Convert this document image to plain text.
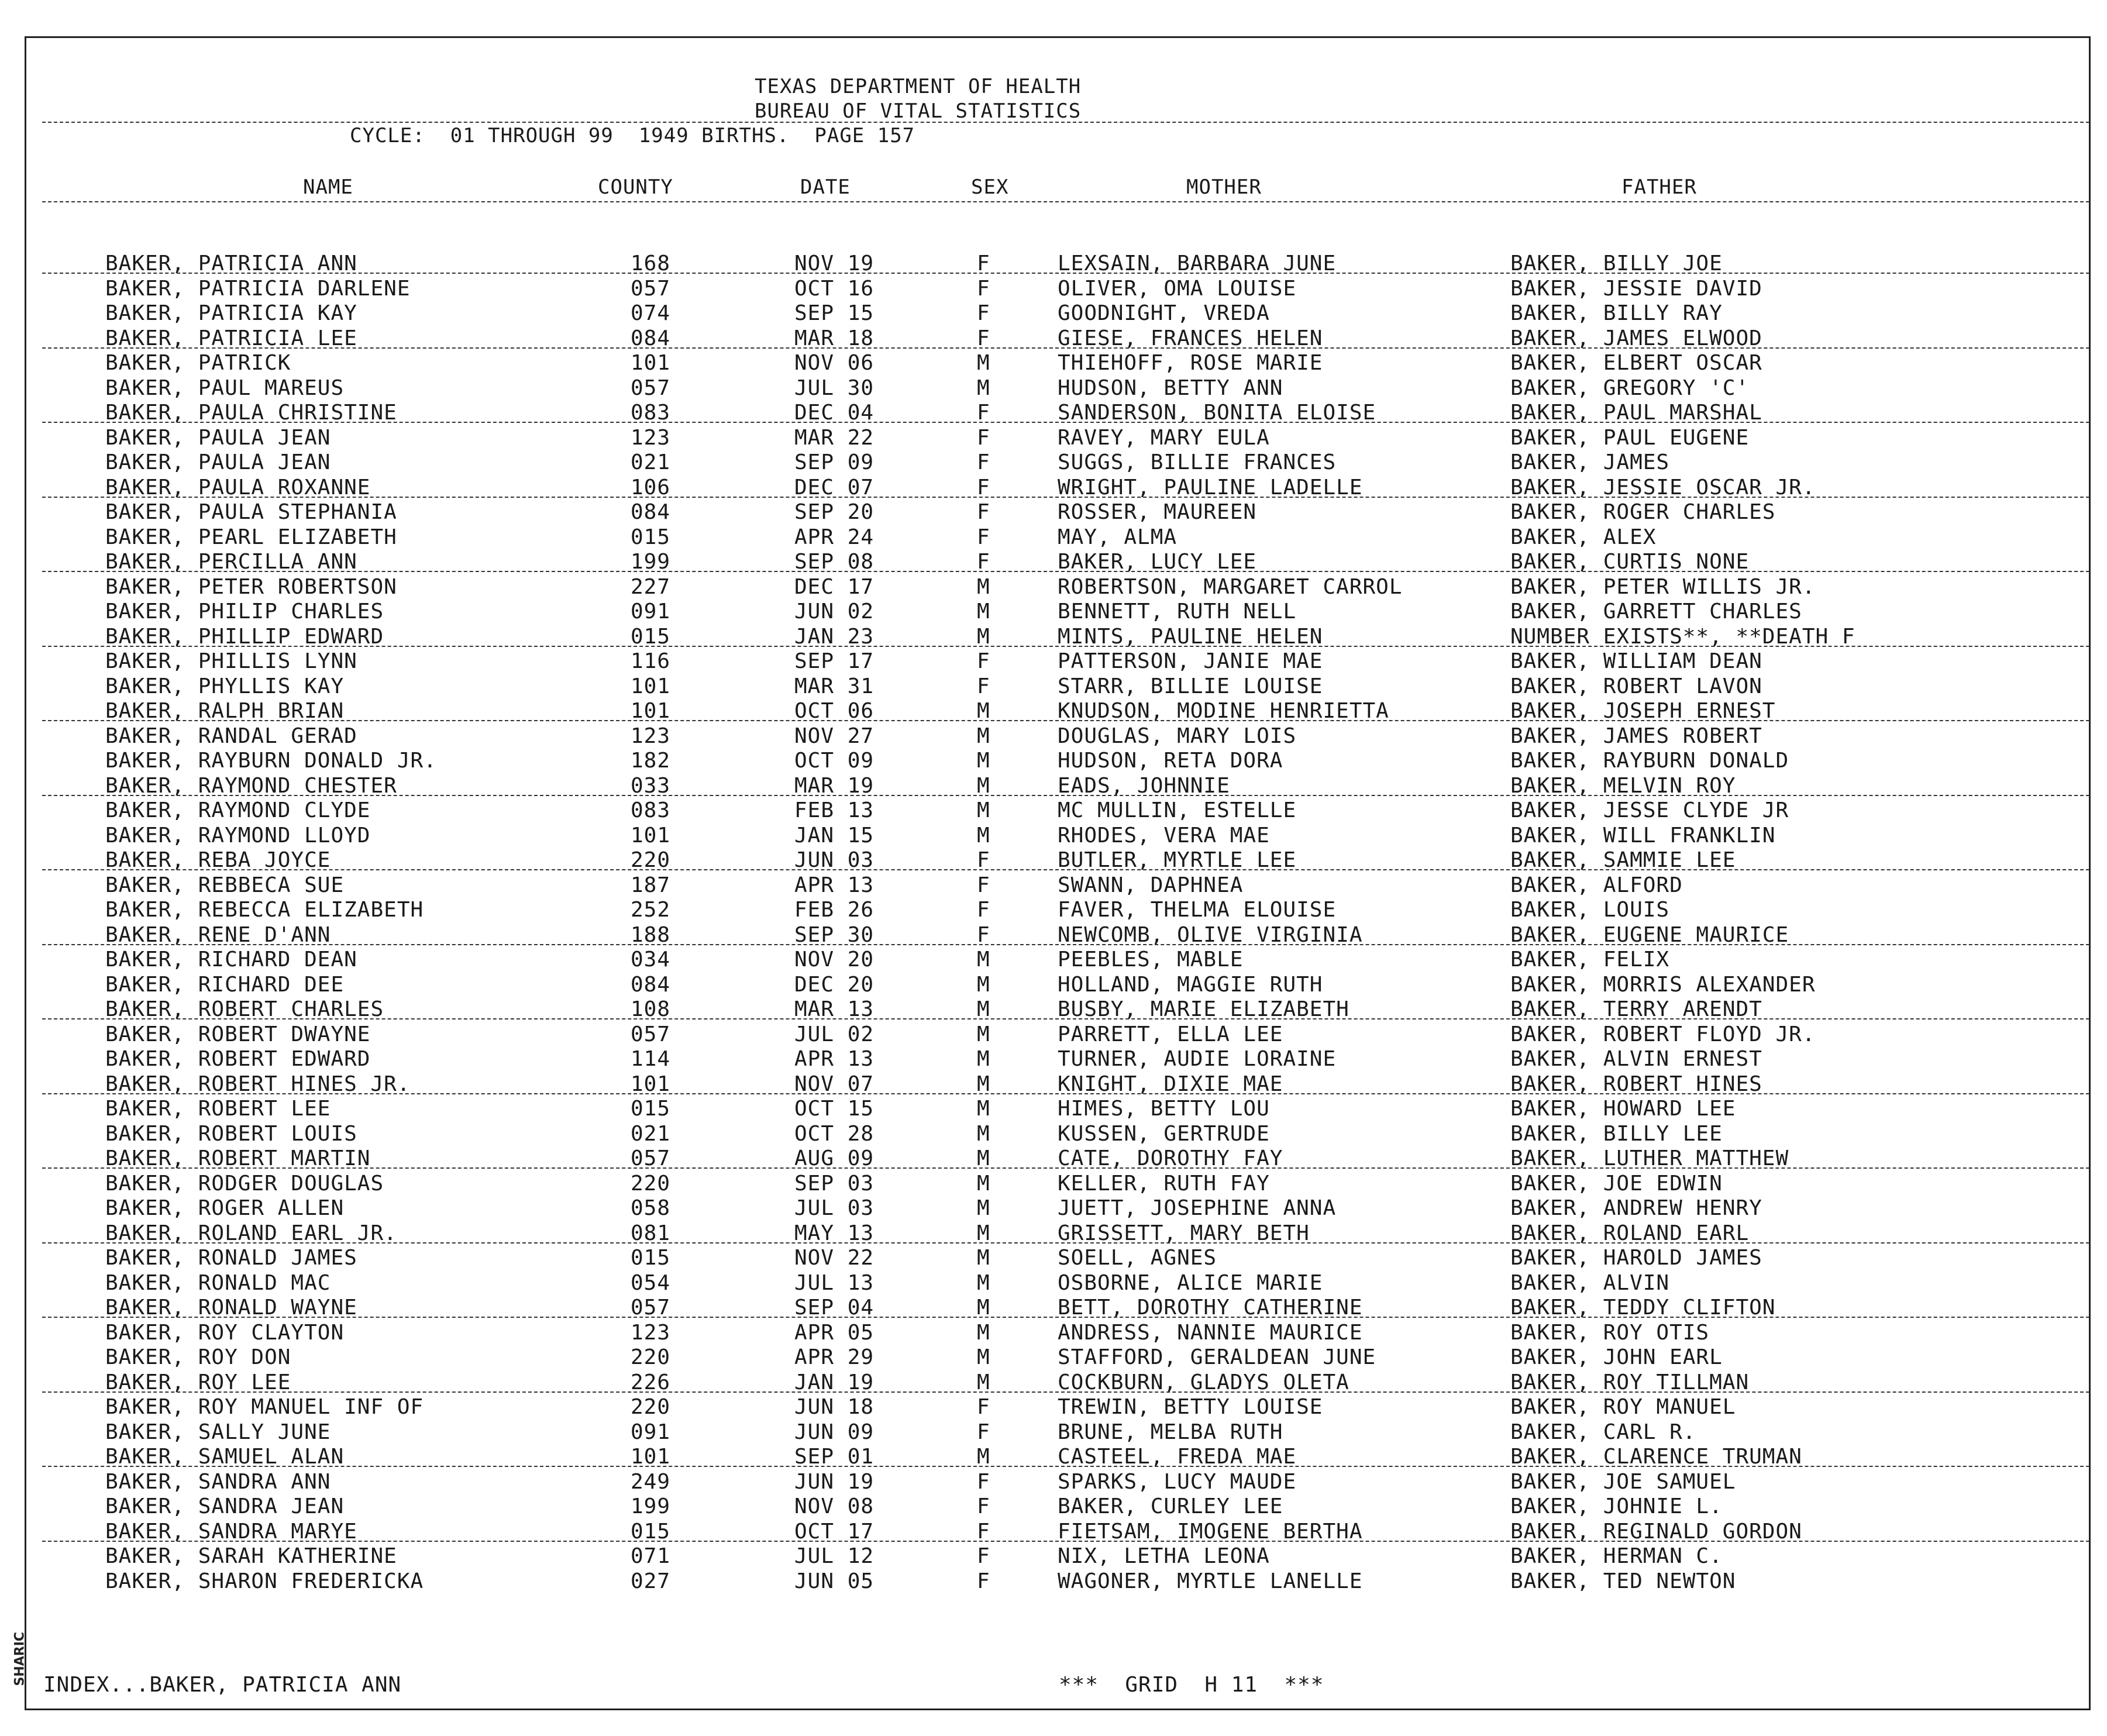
SHARIC
TEXAS DEPARTMENT OF HEALTH
BUREAU OF VITAL STATISTICS
CYCLE:  01 THROUGH 99  1949 BIRTHS.  PAGE 157
NAME	COUNTY	DATE	SEX	MOTHER	FATHER
BAKER, PATRICIA ANN	168	NOV 19	F	LEXSAIN, BARBARA JUNE	BAKER, BILLY JOE
BAKER, PATRICIA DARLENE	057	OCT 16	F	OLIVER, OMA LOUISE	BAKER, JESSIE DAVID
BAKER, PATRICIA KAY	074	SEP 15	F	GOODNIGHT, VREDA	BAKER, BILLY RAY
BAKER, PATRICIA LEE	084	MAR 18	F	GIESE, FRANCES HELEN	BAKER, JAMES ELWOOD
BAKER, PATRICK	101	NOV 06	M	THIEHOFF, ROSE MARIE	BAKER, ELBERT OSCAR
BAKER, PAUL MAREUS	057	JUL 30	M	HUDSON, BETTY ANN	BAKER, GREGORY 'C'
BAKER, PAULA CHRISTINE	083	DEC 04	F	SANDERSON, BONITA ELOISE	BAKER, PAUL MARSHAL
BAKER, PAULA JEAN	123	MAR 22	F	RAVEY, MARY EULA	BAKER, PAUL EUGENE
BAKER, PAULA JEAN	021	SEP 09	F	SUGGS, BILLIE FRANCES	BAKER, JAMES
BAKER, PAULA ROXANNE	106	DEC 07	F	WRIGHT, PAULINE LADELLE	BAKER, JESSIE OSCAR JR.
BAKER, PAULA STEPHANIA	084	SEP 20	F	ROSSER, MAUREEN	BAKER, ROGER CHARLES
BAKER, PEARL ELIZABETH	015	APR 24	F	MAY, ALMA	BAKER, ALEX
BAKER, PERCILLA ANN	199	SEP 08	F	BAKER, LUCY LEE	BAKER, CURTIS NONE
BAKER, PETER ROBERTSON	227	DEC 17	M	ROBERTSON, MARGARET CARROL	BAKER, PETER WILLIS JR.
BAKER, PHILIP CHARLES	091	JUN 02	M	BENNETT, RUTH NELL	BAKER, GARRETT CHARLES
BAKER, PHILLIP EDWARD	015	JAN 23	M	MINTS, PAULINE HELEN	NUMBER EXISTS**, **DEATH F
BAKER, PHILLIS LYNN	116	SEP 17	F	PATTERSON, JANIE MAE	BAKER, WILLIAM DEAN
BAKER, PHYLLIS KAY	101	MAR 31	F	STARR, BILLIE LOUISE	BAKER, ROBERT LAVON
BAKER, RALPH BRIAN	101	OCT 06	M	KNUDSON, MODINE HENRIETTA	BAKER, JOSEPH ERNEST
BAKER, RANDAL GERAD	123	NOV 27	M	DOUGLAS, MARY LOIS	BAKER, JAMES ROBERT
BAKER, RAYBURN DONALD JR.	182	OCT 09	M	HUDSON, RETA DORA	BAKER, RAYBURN DONALD
BAKER, RAYMOND CHESTER	033	MAR 19	M	EADS, JOHNNIE	BAKER, MELVIN ROY
BAKER, RAYMOND CLYDE	083	FEB 13	M	MC MULLIN, ESTELLE	BAKER, JESSE CLYDE JR
BAKER, RAYMOND LLOYD	101	JAN 15	M	RHODES, VERA MAE	BAKER, WILL FRANKLIN
BAKER, REBA JOYCE	220	JUN 03	F	BUTLER, MYRTLE LEE	BAKER, SAMMIE LEE
BAKER, REBBECA SUE	187	APR 13	F	SWANN, DAPHNEA	BAKER, ALFORD
BAKER, REBECCA ELIZABETH	252	FEB 26	F	FAVER, THELMA ELOUISE	BAKER, LOUIS
BAKER, RENE D'ANN	188	SEP 30	F	NEWCOMB, OLIVE VIRGINIA	BAKER, EUGENE MAURICE
BAKER, RICHARD DEAN	034	NOV 20	M	PEEBLES, MABLE	BAKER, FELIX
BAKER, RICHARD DEE	084	DEC 20	M	HOLLAND, MAGGIE RUTH	BAKER, MORRIS ALEXANDER
BAKER, ROBERT CHARLES	108	MAR 13	M	BUSBY, MARIE ELIZABETH	BAKER, TERRY ARENDT
BAKER, ROBERT DWAYNE	057	JUL 02	M	PARRETT, ELLA LEE	BAKER, ROBERT FLOYD JR.
BAKER, ROBERT EDWARD	114	APR 13	M	TURNER, AUDIE LORAINE	BAKER, ALVIN ERNEST
BAKER, ROBERT HINES JR.	101	NOV 07	M	KNIGHT, DIXIE MAE	BAKER, ROBERT HINES
BAKER, ROBERT LEE	015	OCT 15	M	HIMES, BETTY LOU	BAKER, HOWARD LEE
BAKER, ROBERT LOUIS	021	OCT 28	M	KUSSEN, GERTRUDE	BAKER, BILLY LEE
BAKER, ROBERT MARTIN	057	AUG 09	M	CATE, DOROTHY FAY	BAKER, LUTHER MATTHEW
BAKER, RODGER DOUGLAS	220	SEP 03	M	KELLER, RUTH FAY	BAKER, JOE EDWIN
BAKER, ROGER ALLEN	058	JUL 03	M	JUETT, JOSEPHINE ANNA	BAKER, ANDREW HENRY
BAKER, ROLAND EARL JR.	081	MAY 13	M	GRISSETT, MARY BETH	BAKER, ROLAND EARL
BAKER, RONALD JAMES	015	NOV 22	M	SOELL, AGNES	BAKER, HAROLD JAMES
BAKER, RONALD MAC	054	JUL 13	M	OSBORNE, ALICE MARIE	BAKER, ALVIN
BAKER, RONALD WAYNE	057	SEP 04	M	BETT, DOROTHY CATHERINE	BAKER, TEDDY CLIFTON
BAKER, ROY CLAYTON	123	APR 05	M	ANDRESS, NANNIE MAURICE	BAKER, ROY OTIS
BAKER, ROY DON	220	APR 29	M	STAFFORD, GERALDEAN JUNE	BAKER, JOHN EARL
BAKER, ROY LEE	226	JAN 19	M	COCKBURN, GLADYS OLETA	BAKER, ROY TILLMAN
BAKER, ROY MANUEL INF OF	220	JUN 18	F	TREWIN, BETTY LOUISE	BAKER, ROY MANUEL
BAKER, SALLY JUNE	091	JUN 09	F	BRUNE, MELBA RUTH	BAKER, CARL R.
BAKER, SAMUEL ALAN	101	SEP 01	M	CASTEEL, FREDA MAE	BAKER, CLARENCE TRUMAN
BAKER, SANDRA ANN	249	JUN 19	F	SPARKS, LUCY MAUDE	BAKER, JOE SAMUEL
BAKER, SANDRA JEAN	199	NOV 08	F	BAKER, CURLEY LEE	BAKER, JOHNIE L.
BAKER, SANDRA MARYE	015	OCT 17	F	FIETSAM, IMOGENE BERTHA	BAKER, REGINALD GORDON
BAKER, SARAH KATHERINE	071	JUL 12	F	NIX, LETHA LEONA	BAKER, HERMAN C.
BAKER, SHARON FREDERICKA	027	JUN 05	F	WAGONER, MYRTLE LANELLE	BAKER, TED NEWTON
INDEX...BAKER, PATRICIA ANN	***  GRID  H 11  ***
